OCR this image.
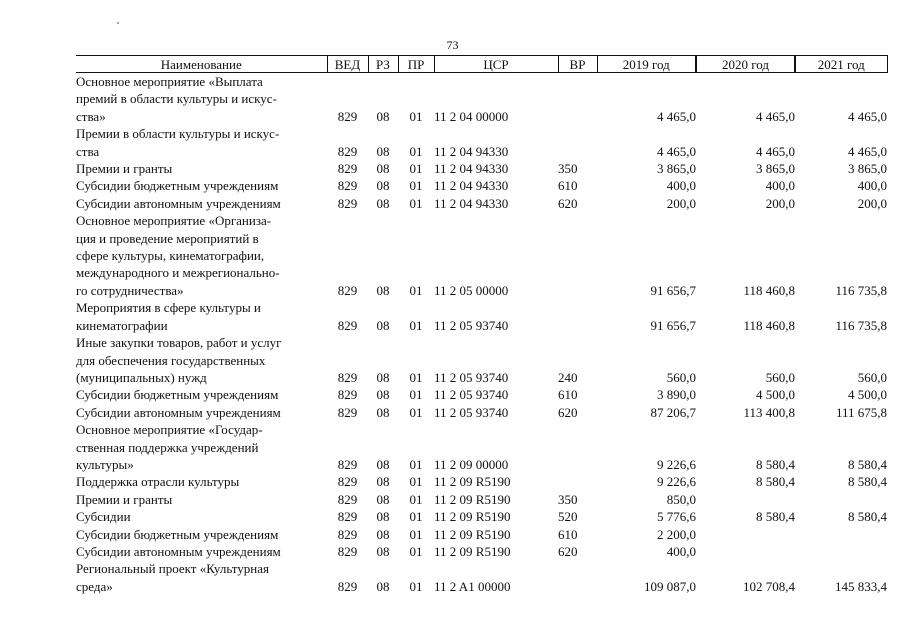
73
Наименование	ВЕД	РЗ	ПР	ЦСР	ВР	2019 год	2020 год	2021 год
Основное мероприятие «Выплата								
премий в области культуры и искус-								
ства»	829	08	01	11 2 04 00000		4 465,0	4 465,0	4 465,0
Премии в области культуры и искус-								
ства	829	08	01	11 2 04 94330		4 465,0	4 465,0	4 465,0
Премии и гранты	829	08	01	11 2 04 94330	350	3 865,0	3 865,0	3 865,0
Субсидии бюджетным учреждениям	829	08	01	11 2 04 94330	610	400,0	400,0	400,0
Субсидии автономным учреждениям	829	08	01	11 2 04 94330	620	200,0	200,0	200,0
Основное мероприятие «Организа-								
ция и проведение мероприятий в								
сфере культуры, кинематографии,								
международного и межрегионально-								
го сотрудничества»	829	08	01	11 2 05 00000		91 656,7	118 460,8	116 735,8
Мероприятия в сфере культуры и								
кинематографии	829	08	01	11 2 05 93740		91 656,7	118 460,8	116 735,8
Иные закупки товаров, работ и услуг								
для обеспечения государственных								
(муниципальных) нужд	829	08	01	11 2 05 93740	240	560,0	560,0	560,0
Субсидии бюджетным учреждениям	829	08	01	11 2 05 93740	610	3 890,0	4 500,0	4 500,0
Субсидии автономным учреждениям	829	08	01	11 2 05 93740	620	87 206,7	113 400,8	111 675,8
Основное мероприятие «Государ-								
ственная поддержка учреждений								
культуры»	829	08	01	11 2 09 00000		9 226,6	8 580,4	8 580,4
Поддержка отрасли культуры	829	08	01	11 2 09 R5190		9 226,6	8 580,4	8 580,4
Премии и гранты	829	08	01	11 2 09 R5190	350	850,0		
Субсидии	829	08	01	11 2 09 R5190	520	5 776,6	8 580,4	8 580,4
Субсидии бюджетным учреждениям	829	08	01	11 2 09 R5190	610	2 200,0		
Субсидии автономным учреждениям	829	08	01	11 2 09 R5190	620	400,0		
Региональный проект «Культурная								
среда»	829	08	01	11 2 A1 00000		109 087,0	102 708,4	145 833,4
